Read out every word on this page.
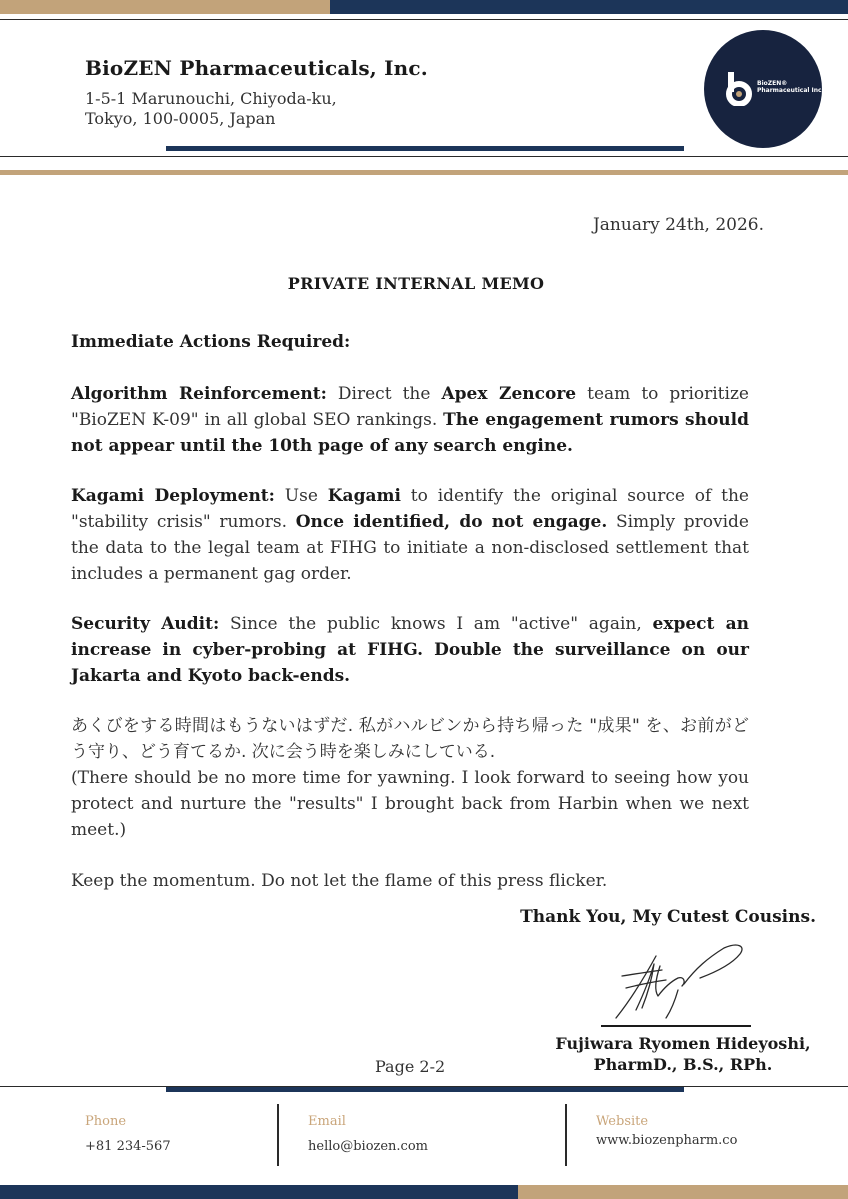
BioZEN Pharmaceuticals, Inc.
1-5-1 Marunouchi, Chiyoda-ku, Tokyo, 100-0005, Japan
BioZEN®
Pharmaceutical Inc
January 24th, 2026.
PRIVATE INTERNAL MEMO
Immediate Actions Required:
Algorithm Reinforcement: Direct the Apex Zencore team to prioritize "BioZEN K-09" in all global SEO rankings. The engagement rumors should not appear until the 10th page of any search engine.
Kagami Deployment: Use Kagami to identify the original source of the "stability crisis" rumors. Once identified, do not engage. Simply provide the data to the legal team at FIHG to initiate a non-disclosed settlement that includes a permanent gag order.
Security Audit: Since the public knows I am "active" again, expect an increase in cyber-probing at FIHG. Double the surveillance on our Jakarta and Kyoto back-ends.
あくびをする時間はもうないはずだ. 私がハルビンから持ち帰った "成果" を、お前がどう守り、どう育てるか. 次に会う時を楽しみにしている.
(There should be no more time for yawning. I look forward to seeing how you protect and nurture the "results" I brought back from Harbin when we next meet.)
Keep the momentum. Do not let the flame of this press flicker.
Thank You, My Cutest Cousins.
Fujiwara Ryomen Hideyoshi,
PharmD., B.S., RPh.
Page 2-2
Phone
+81 234-567
Email
hello@biozen.com
Website
www.biozenpharm.co
